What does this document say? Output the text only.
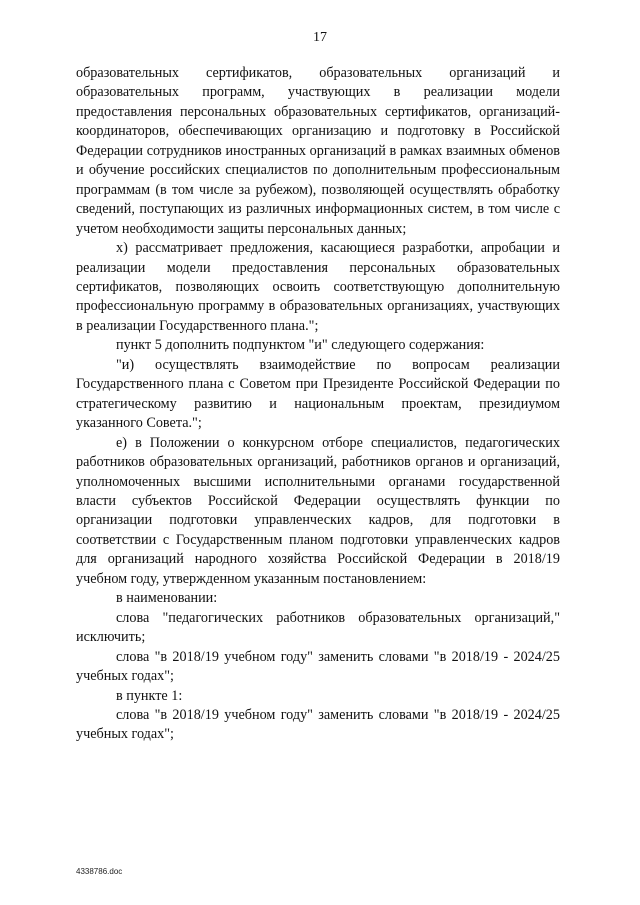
17

образовательных сертификатов, образовательных организаций и образовательных программ, участвующих в реализации модели предоставления персональных образовательных сертификатов, организаций-координаторов, обеспечивающих организацию и подготовку в Российской Федерации сотрудников иностранных организаций в рамках взаимных обменов и обучение российских специалистов по дополнительным профессиональным программам (в том числе за рубежом), позволяющей осуществлять обработку сведений, поступающих из различных информационных систем, в том числе с учетом необходимости защиты персональных данных;

х) рассматривает предложения, касающиеся разработки, апробации и реализации модели предоставления персональных образовательных сертификатов, позволяющих освоить соответствующую дополнительную профессиональную программу в образовательных организациях, участвующих в реализации Государственного плана.";

пункт 5 дополнить подпунктом "и" следующего содержания:

"и) осуществлять взаимодействие по вопросам реализации Государственного плана с Советом при Президенте Российской Федерации по стратегическому развитию и национальным проектам, президиумом указанного Совета.";

е) в Положении о конкурсном отборе специалистов, педагогических работников образовательных организаций, работников органов и организаций, уполномоченных высшими исполнительными органами государственной власти субъектов Российской Федерации осуществлять функции по организации подготовки управленческих кадров, для подготовки в соответствии с Государственным планом подготовки управленческих кадров для организаций народного хозяйства Российской Федерации в 2018/19 учебном году, утвержденном указанным постановлением:

в наименовании:

слова "педагогических работников образовательных организаций," исключить;

слова "в 2018/19 учебном году" заменить словами "в 2018/19 - 2024/25 учебных годах";

в пункте 1:

слова "в 2018/19 учебном году" заменить словами "в 2018/19 - 2024/25 учебных годах";

4338786.doc
